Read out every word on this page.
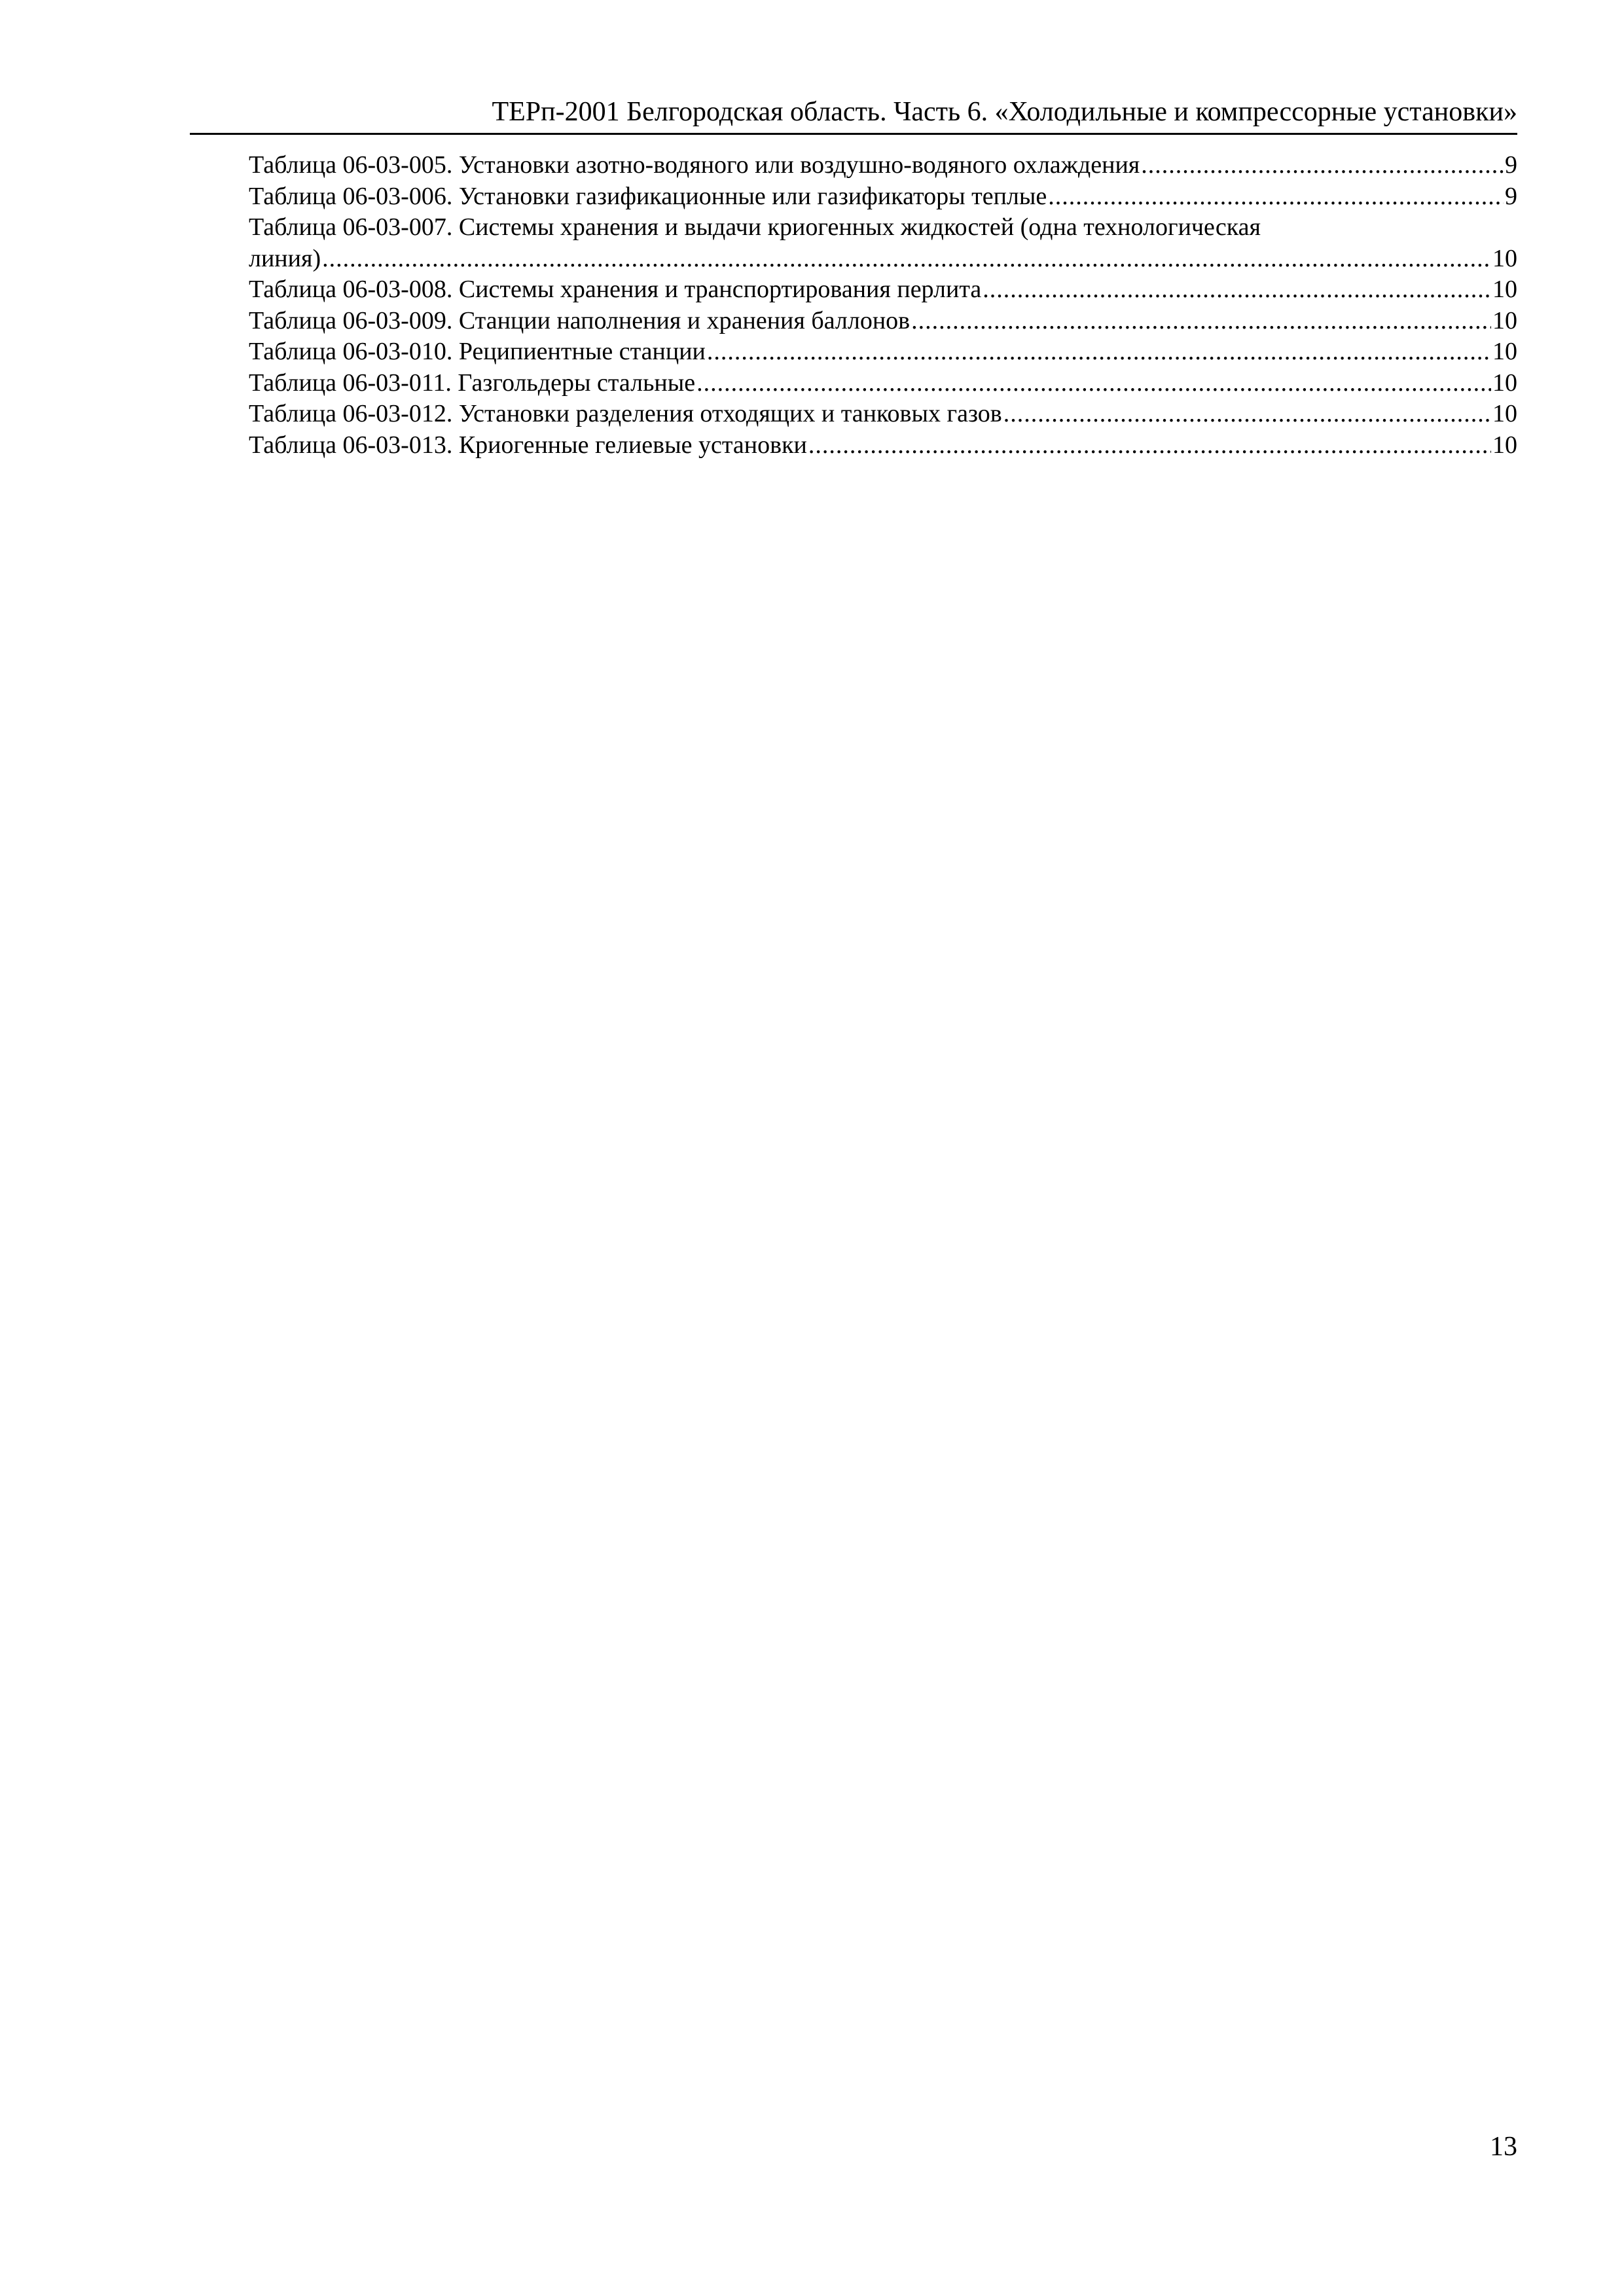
ТЕРп-2001 Белгородская область. Часть 6. «Холодильные и компрессорные установки»
Таблица 06-03-005. Установки азотно-водяного или воздушно-водяного охлаждения .....	9
Таблица 06-03-006. Установки газификационные или газификаторы теплые .....	9
Таблица 06-03-007. Системы хранения и выдачи криогенных жидкостей (одна технологическая
линия) .....	10
Таблица 06-03-008. Системы хранения и транспортирования перлита .....	10
Таблица 06-03-009. Станции наполнения и хранения баллонов .....	10
Таблица 06-03-010. Реципиентные станции .....	10
Таблица 06-03-011. Газгольдеры стальные .....	10
Таблица 06-03-012. Установки разделения отходящих и танковых газов .....	10
Таблица 06-03-013. Криогенные гелиевые установки .....	10
13
